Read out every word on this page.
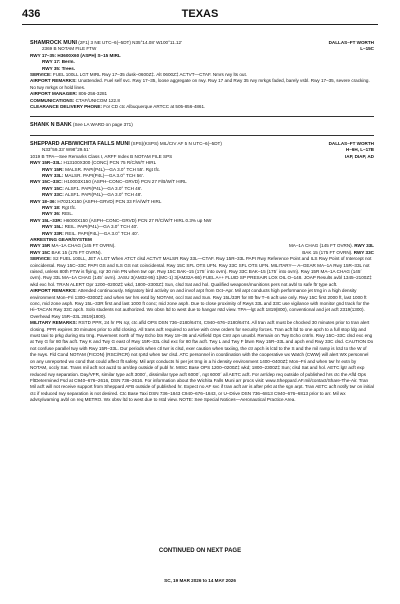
436	TEXAS
SHAMROCK MUNI (2F1) 3 NE UTC–6(–5DT) N35°14.08' W100°11.12'	DALLAS–FT WORTH
2369 B NOTAM FILE FTW	L–15C
RWY 17–35: H3600X60 (ASPH) S–15 MIRL
RWY 17: Berm.
RWY 35: Trees.
SERVICE: FUEL 100LL LGT MIRL Rwy 17–35 dusk–0600Z‡. Alt 0600Z‡ ACTVT—CTAF. Nmrs rwy lts out.
AIRPORT REMARKS: Unattended. Fuel self svc. Rwy 17–35, loose aggregate on rwy. Rwy 17 and Rwy 35 rwy mrkgs faded, barely vsbl. Rwy 17–35, severe cracking. No twy mrkgs or hold lines.
AIRPORT MANAGER: 806-256-3281
COMMUNICATIONS: CTAF/UNICOM 122.8
CLEARANCE DELIVERY PHONE: For CD ctc Albuquerque ARTCC at 505-856-4861.
SHANK N BANK (See LA WARD on page 371)
SHEPPARD AFB/WICHITA FALLS MUNI (SPS)(KSPS) MIL/CIV AF 5 N UTC–6(–5DT)	DALLAS–FT WORTH
N33°59.33' W98°29.51'	H–6H, L–17B
1019 B TPA—See Remarks Class I, ARFF Index B NOTAM FILE SPS	IAP, DIAP, AD
RWY 15R–33L: H13100X300 (CONC) PCN 75 R/C/W/T HIRL
RWY 15R: MALSR. PAPI(P4L)—GA 3.0° TCH 55'. Rgt tfc.
RWY 33L: MALSR. PAPI(P4L)—GA 3.0° TCH 56'.
RWY 15C–33C: H10003X150 (ASPH–CONC–GRVD) PCN 27 F/B/W/T HIRL
RWY 15C: ALSF1. PAPI(P4L)—GA 3.0° TCH 46'.
RWY 33C: ALSF1. PAPI(P4L)—GA 3.0° TCH 48'.
RWY 18–36: H7021X150 (ASPH–GRVD) PCN 33 F/A/W/T HIRL
RWY 18: Rgt tfc.
RWY 36: REIL.
RWY 15L–33R: H6000X150 (ASPH–CONC–GRVD) PCN 27 R/C/W/T HIRL 0.3% up NW
RWY 15L: REIL. PAPI(P4L)—GA 3.0° TCH 40'.
RWY 33R: REIL. PAPI(P4L)—GA 3.0° TCH 40'.
ARRESTING GEAR/SYSTEM
RWY 15R MA–1A CHAG (145 FT OVRN).	MA–1A CHAG (145 FT OVRN). RWY 33L
RWY 15C BAK 15 (175 FT OVRN).	BAK 15 (175 FT OVRN). RWY 33C
SERVICE: S2 FUEL 100LL, JET A LGT When ATCT clsd ACTVT MALSR Rwy 33L—CTAF. Rwy 15R–33L PAPI Rwy Reference Point and ILS Rwy Point of Intercept not coincidental. Rwy 15C–33C PAPI GS and ILS GS not coincidental. Rwy 15C SFL OTS UFN. Rwy 33C SFL OTS UFN. MILITARY— A–GEAR MA–1A Rwy 15R–33L not raised, unless 80th FTW is flying, rqr 30 min PN when twr opr. Rwy 15C BAK–15 (175´ into ovrn). Rwy 33C BAK–15 (175´ into ovrn). Rwy 15R MA–1A CHAG (145´ ovrn). Rwy 33L MA–1A CHAG (145´ ovrn). JASU 3(AM32-95) 1(MC-1) 3(AM32A-86) FUEL A++ FLUID SP PRESAIR LOX OIL O–148. JOAP Results avbl 1345–2100Z‡ wkd exc hol. TRAN ALERT Opr 1200–0200Z‡ wkd, 1800–2300Z‡ Sun, clsd Sat and hol. Qualified weapons/munitions pers not avbl to safe ftr type acft.
AIRPORT REMARKS: Attended continuously. Migratory bird activity on and invof arpt from Oct–Apr. Mil arpt conducts high performance jet trng in a high density environment Mon–Fri 1300–0300Z‡ and when twr hrs extd by NOTAM, occl Sat and Sun. Rwy 15L/33R for 80 ftw T–6 acft use only. Rwy 15C first 2000 ft, last 1000 ft conc, mid zone asph. Rwy 15L–33R first and last 1000 ft conc; mid zone asph. Due to close proximity of Rwys 33L and 33C use vigilance with monitor gnd track for the Hi–TACAN Rwy 33C apch. Solo students not authorized. Wx obsn ltd to west due to hangar rstd view. TPA—lgt acft 1819(800), conventional and jet acft 2319(1300). Overhead Rwy 15R–33L 2819(1800).
MILITARY REMARKS: RSTD PPR, 24 hr PN rqr, ctc afld OPS DSN 736–2180/6474, C940–676–2180/6474. All tran acft must be chocked 30 minutes prior to tran alert closing. PPR expires 30 minutes prior to afld closing. All trans acft required to arrive with crew orders for security forces. Tran acft ltd to one apch to a full stop ldg and must taxi to prkg during stu trng. Pavement north of Twy Echo btn Rwy 18–36 and Airfield Ops Cntr apn unusbl. Remain on Twy Echo cntrln. Rwy 15C–33C clsd exc eng at Twy G for 80 ftw acft. Twy K and Twy G east of Rwy 15R–33L clsd exc for 80 ftw acft. Twy L and Twy F btwn Rwy 15R–33L and apch end Rwy 33C clsd. CAUTION Do not confuse parallel twy with Rwy 15R–33L. Dur periods when ctl twr is clsd, exer caution when taxiing, the ctr apch is lctd to the S and the mil ramp is lctd to the W of the rwys. Fld Cond NOTAM (FICON) (RSC/RCR) not rprtd when twr clsd. ATC personnel in coordination with the cooperative wx Watch (CWW) will alert WX personnel on any unreported wx cond that could affect flt safety. Mil arpt conducts hi per jet trng in a hi density environment 1400–0400Z‡ Mon–Fri and when twr hr extn by NOTAM, occly Sat. Trans mil acft not auzd to arr/dep outside of publ hr. MISC Base OPS 1200–0200Z‡ wkd; 1800–2300Z‡ Sun; clsd Sat and hol. AETC lgtr acft exp reduced rwy separation. Day/VFR, similar type acft 3000´, dissimilar type acft 6000´, ngt 6000´ all AETC acft. For arr/dep req outside of published hrs ctc the Afld Ops FltDetermined Fsd at C940–676–2616, DSN 736–2616. For information about the Wichita Falls Muni arr procs visit: www.Sheppard.AF.mil/contact/Share-The-Air. Tran Mil acft will not receive support from Sheppard AFB outside of published hr. Expect no AF svc if tran acft arr is after prkt at the sgn arpt. Tran AETC acft notify twr on initial ctc if reduced rwy separation is not desired. Ctc Base Taxi DSN 736–1843 C940–676–1843, or U–Drive DSN 736–6813 C940–676–6813 prior to arr. Mil wx advsy/warning avbl on req METRO. Wx obsv ltd to west due to rstd view. NOTE: See Special Notices—Aeronautical Practice Area.
CONTINUED ON NEXT PAGE
SC, 19 MAR 2026 to 14 MAY 2026
